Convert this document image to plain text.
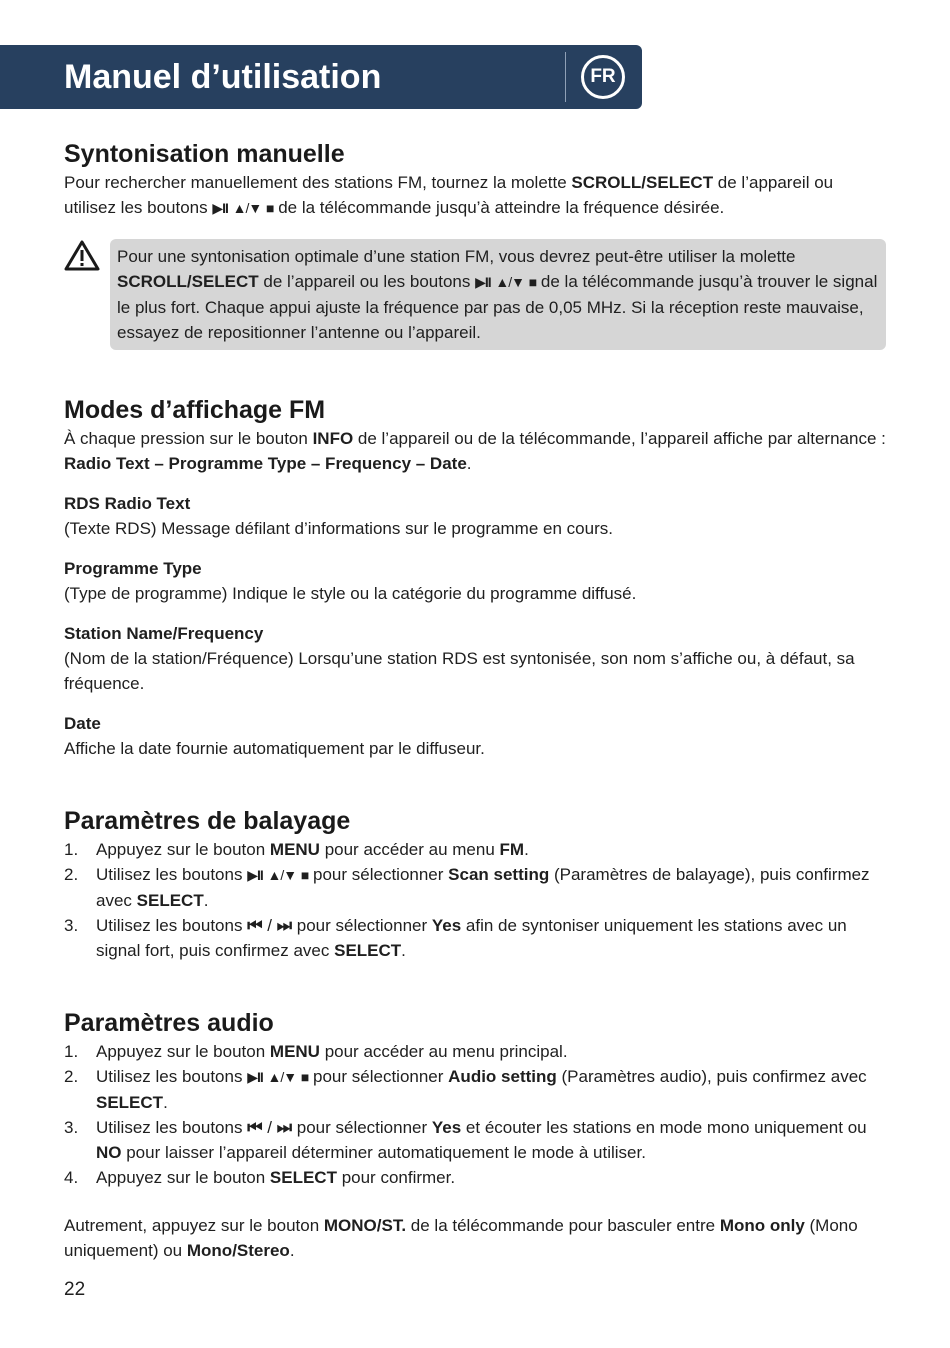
Manuel d’utilisation	FR
Syntonisation manuelle

Pour rechercher manuellement des stations FM, tournez la molette SCROLL/SELECT de l’appareil ou utilisez les boutons ▶II ▲/▼ ■ de la télécommande jusqu’à atteindre la fréquence désirée.

Pour une syntonisation optimale d’une station FM, vous devrez peut-être utiliser la molette SCROLL/SELECT de l’appareil ou les boutons ▶II ▲/▼ ■ de la télécommande jusqu’à trouver le signal le plus fort. Chaque appui ajuste la fréquence par pas de 0,05 MHz. Si la réception reste mauvaise, essayez de repositionner l’antenne ou l’appareil.
Modes d’affichage FM

À chaque pression sur le bouton INFO de l’appareil ou de la télécommande, l’appareil affiche par alternance : Radio Text – Programme Type – Frequency – Date.

RDS Radio Text

(Texte RDS) Message défilant d’informations sur le programme en cours.

Programme Type

(Type de programme) Indique le style ou la catégorie du programme diffusé.

Station Name/Frequency

(Nom de la station/Fréquence) Lorsqu’une station RDS est syntonisée, son nom s’affiche ou, à défaut, sa fréquence.

Date

Affiche la date fournie automatiquement par le diffuseur.

Paramètres de balayage
1.	Appuyez sur le bouton MENU pour accéder au menu FM.
2.	Utilisez les boutons ▶II ▲/▼ ■ pour sélectionner Scan setting (Paramètres de balayage), puis confirmez avec SELECT.
3.	Utilisez les boutons ⏮ / ⏭ pour sélectionner Yes afin de syntoniser uniquement les stations avec un signal fort, puis confirmez avec SELECT.
Paramètres audio
1.	Appuyez sur le bouton MENU pour accéder au menu principal.
2.	Utilisez les boutons ▶II ▲/▼ ■ pour sélectionner Audio setting (Paramètres audio), puis confirmez avec SELECT.
3.	Utilisez les boutons ⏮ / ⏭ pour sélectionner Yes et écouter les stations en mode mono uniquement ou NO pour laisser l’appareil déterminer automatiquement le mode à utiliser.
4.	Appuyez sur le bouton SELECT pour confirmer.

Autrement, appuyez sur le bouton MONO/ST. de la télécommande pour basculer entre Mono only (Mono uniquement) ou Mono/Stereo.

22
